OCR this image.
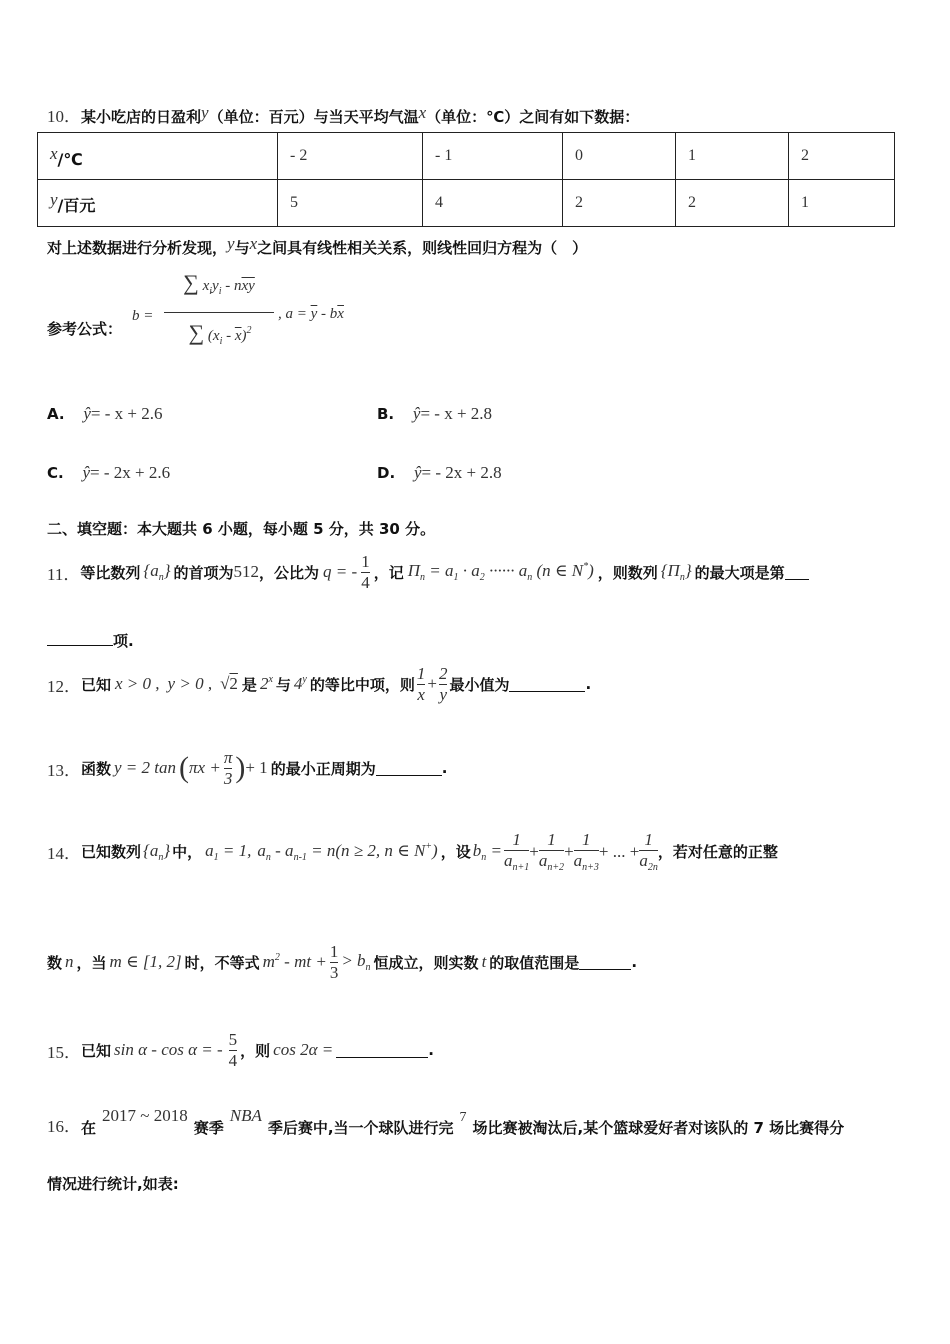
10．某小吃店的日盈利y（单位：百元）与当天平均气温x（单位：℃）之间有如下数据：
x/℃	- 2	- 1	0	1	2
y/百元	5	4	2	2	1
对上述数据进行分析发现，y与x之间具有线性相关关系，则线性回归方程为（　）
参考公式：
b =
∑ $x_iy_i - n\overline{xy}$
∑ $(x_i - \overline{x})^2$
, $a = \overline{y} - b\overline{x}$
A. ŷ= - x + 2.6	B. ŷ= - x + 2.8
C. ŷ= - 2x + 2.6	D. ŷ= - 2x + 2.8
二、填空题：本大题共 6 小题，每小题 5 分，共 30 分。
11． 等比数列 $\{a_n\}$ 的首项为 512 ，公比为 q = - $\frac{1}{4}$ ，记 $\Pi_n = a_1 \cdot a_2$ ······ $a_n$ (n ∈ N*) ，则数列 $\{\Pi_n\}$ 的最大项是第
项.
12． 已知 x > 0 , y > 0 , √2 是 2$^x$ 与 4$^y$ 的等比中项，则 $\frac{1}{x} + \frac{2}{y}$ 最小值为	.
13． 函数 y = 2 tan ( $\pi x + \frac{\pi}{3}$ ) + 1 的最小正周期为	.
14． 已知数列 $\{a_n\}$ 中， $a_1 = 1$, $a_n - a_{n-1} = n(n \ge 2$, n ∈ N+) ，设 $b_n = \frac{1}{a_{n+1}} + \frac{1}{a_{n+2}} + \frac{1}{a_{n+3}}$ + ... + $\frac{1}{a_{2n}}$ ，若对任意的正整
数 n ，当 m ∈ [1, 2] 时，不等式 $m^2$ - mt + $\frac{1}{3} > b_n$ 恒成立，则实数 t 的取值范围是	.
15． 已知 sin α - cos α = - $\frac{5}{4}$ ，则 cos 2α =	.
16． 在
2017 ~ 2018
赛季
NBA
季后赛中,当一个球队进行完
7
场比赛被淘汰后,某个篮球爱好者对该队的 7 场比赛得分
情况进行统计,如表:
